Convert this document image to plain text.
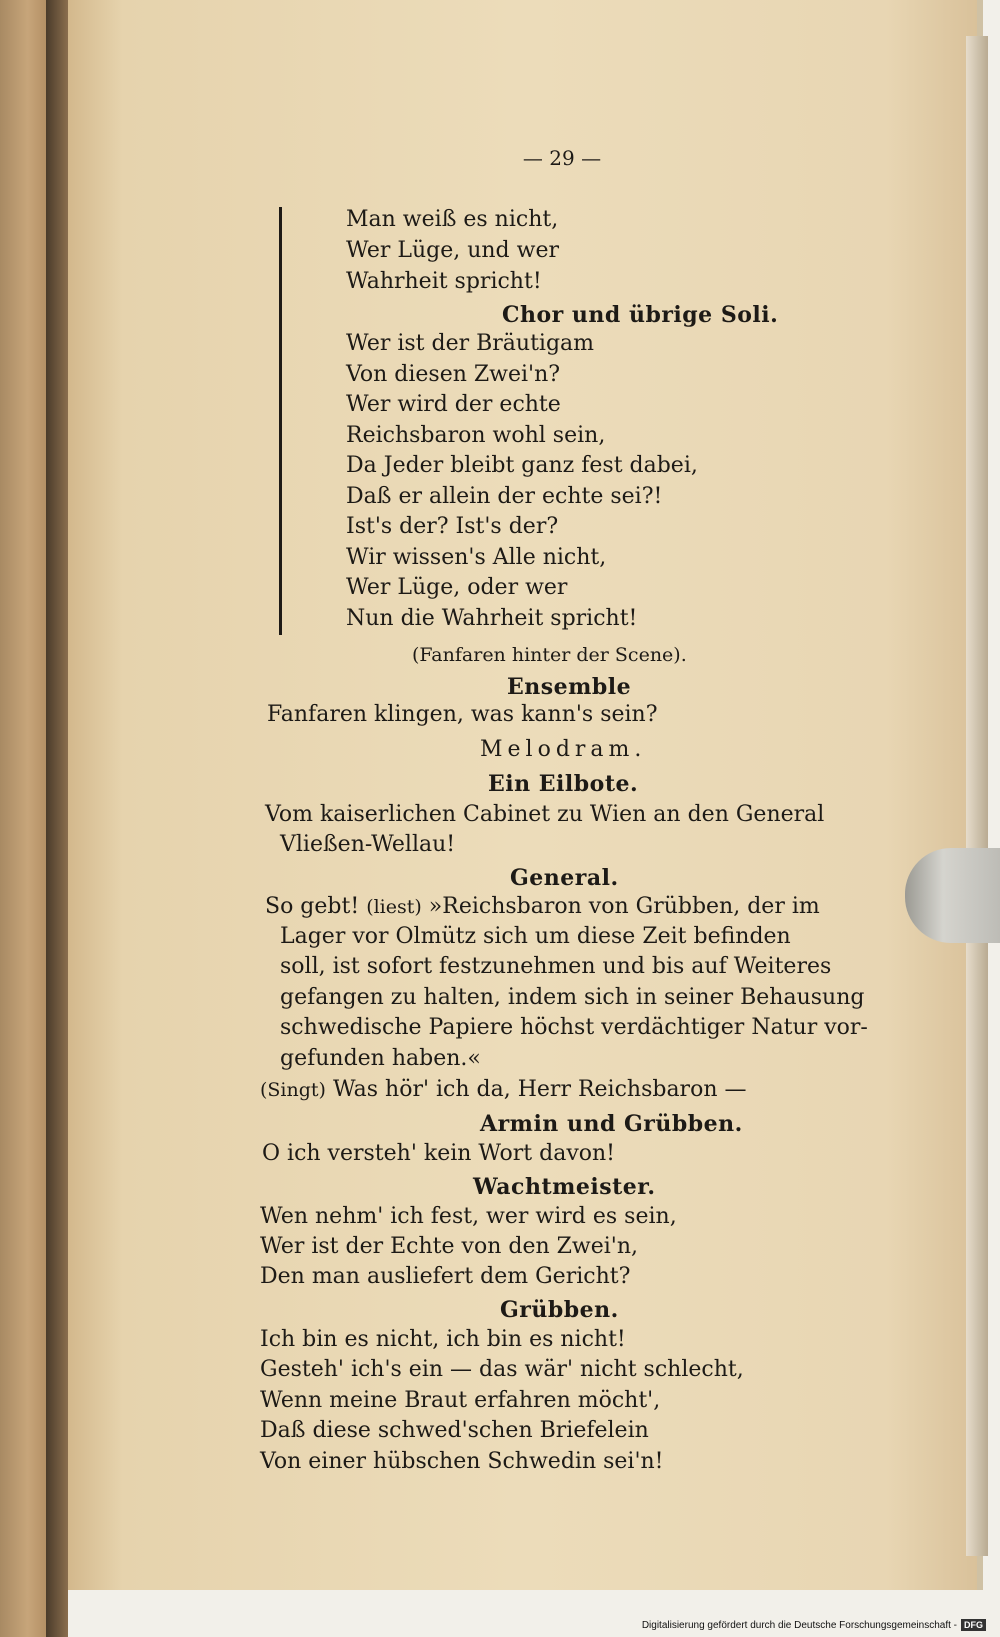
— 29 —
Man weiß es nicht,
Wer Lüge, und wer
Wahrheit spricht!
Chor und übrige Soli.
Wer ist der Bräutigam
Von diesen Zwei'n?
Wer wird der echte
Reichsbaron wohl sein,
Da Jeder bleibt ganz fest dabei,
Daß er allein der echte sei?!
Ist's der? Ist's der?
Wir wissen's Alle nicht,
Wer Lüge, oder wer
Nun die Wahrheit spricht!
(Fanfaren hinter der Scene).
Ensemble
Fanfaren klingen, was kann's sein?
Melodram.
Ein Eilbote.
Vom kaiserlichen Cabinet zu Wien an den General
Vließen-Wellau!
General.
So gebt! (liest) »Reichsbaron von Grübben, der im
Lager vor Olmütz sich um diese Zeit befinden
soll, ist sofort festzunehmen und bis auf Weiteres
gefangen zu halten, indem sich in seiner Behausung
schwedische Papiere höchst verdächtiger Natur vor-
gefunden haben.«
(Singt) Was hör' ich da, Herr Reichsbaron —
Armin und Grübben.
O ich versteh' kein Wort davon!
Wachtmeister.
Wen nehm' ich fest, wer wird es sein,
Wer ist der Echte von den Zwei'n,
Den man ausliefert dem Gericht?
Grübben.
Ich bin es nicht, ich bin es nicht!
Gesteh' ich's ein — das wär' nicht schlecht,
Wenn meine Braut erfahren möcht',
Daß diese schwed'schen Briefelein
Von einer hübschen Schwedin sei'n!
Digitalisierung gefördert durch die Deutsche Forschungsgemeinschaft - DFG
